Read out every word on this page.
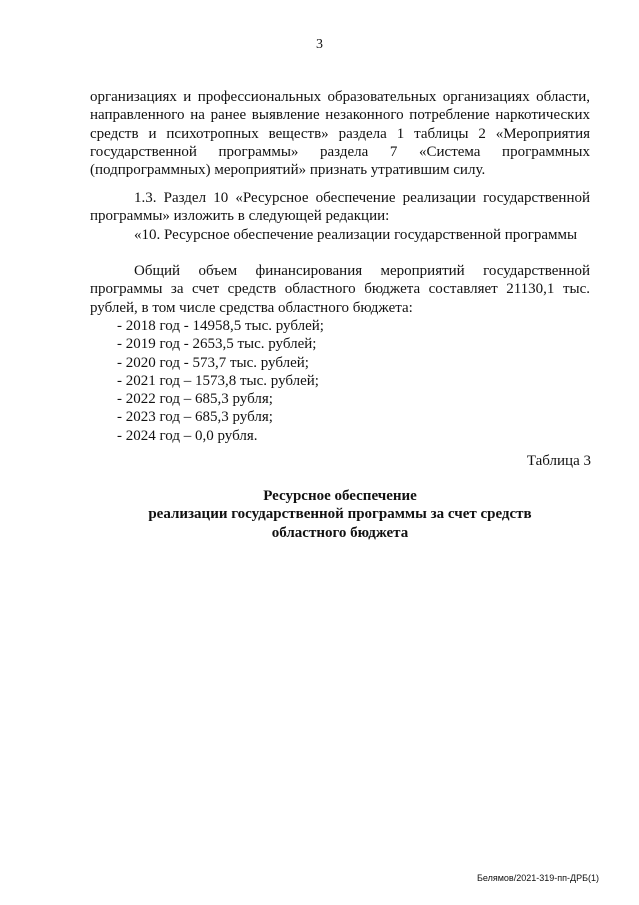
3
организациях и профессиональных образовательных организациях области,
направленного на ранее выявление незаконного потребление наркотических
средств и психотропных веществ» раздела 1 таблицы 2 «Мероприятия
государственной программы» раздела 7 «Система программных
(подпрограммных) мероприятий» признать утратившим силу.
1.3. Раздел 10 «Ресурсное обеспечение реализации государственной
программы» изложить в следующей редакции:
«10. Ресурсное обеспечение реализации государственной программы
Общий объем финансирования мероприятий государственной
программы за счет средств областного бюджета составляет 21130,1 тыс.
рублей, в том числе средства областного бюджета:
- 2018 год - 14958,5 тыс. рублей;
- 2019 год - 2653,5 тыс. рублей;
- 2020 год - 573,7 тыс. рублей;
- 2021 год – 1573,8 тыс. рублей;
- 2022 год – 685,3 рубля;
- 2023 год – 685,3 рубля;
- 2024 год – 0,0 рубля.
Таблица 3
Ресурсное обеспечение
реализации государственной программы за счет средств
областного бюджета
Белямов/2021-319-пп-ДРБ(1)
